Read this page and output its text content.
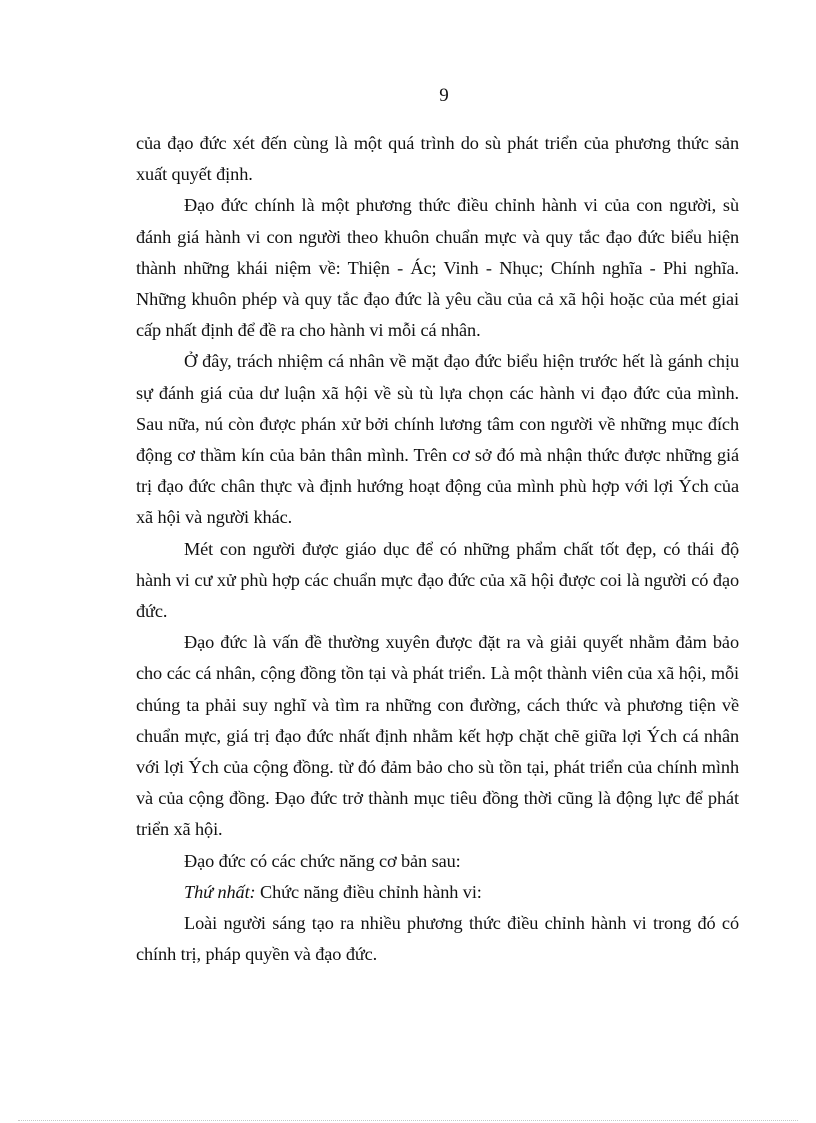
9

của đạo đức xét đến cùng là một quá trình do sù phát triển của phương thức sản xuất quyết định.

Đạo đức chính là một phương thức điều chỉnh hành vi của con người, sù đánh giá hành vi con người theo khuôn chuẩn mực và quy tắc đạo đức biểu hiện thành những khái niệm về: Thiện - Ác; Vinh - Nhục; Chính nghĩa - Phi nghĩa. Những khuôn phép và quy tắc đạo đức là yêu cầu của cả xã hội hoặc của mét giai cấp nhất định để đề ra cho hành vi mỗi cá nhân.

Ở đây, trách nhiệm cá nhân về mặt đạo đức biểu hiện trước hết là gánh chịu sự đánh giá của dư luận xã hội về sù tù lựa chọn các hành vi đạo đức của mình. Sau nữa, nú còn được phán xử bởi chính lương tâm con người về những mục đích động cơ thầm kín của bản thân mình. Trên cơ sở đó mà nhận thức được những giá trị đạo đức chân thực và định hướng hoạt động của mình phù hợp với lợi Ých của xã hội và người khác.

Mét con người được giáo dục để có những phẩm chất tốt đẹp, có thái độ hành vi cư xử phù hợp các chuẩn mực đạo đức của xã hội được coi là người có đạo đức.

Đạo đức là vấn đề thường xuyên được đặt ra và giải quyết nhằm đảm bảo cho các cá nhân, cộng đồng tồn tại và phát triển. Là một thành viên của xã hội, mỗi chúng ta phải suy nghĩ và tìm ra những con đường, cách thức và phương tiện về chuẩn mực, giá trị đạo đức nhất định nhằm kết hợp chặt chẽ giữa lợi Ých cá nhân với lợi Ých của cộng đồng. từ đó đảm bảo cho sù tồn tại, phát triển của chính mình và của cộng đồng. Đạo đức trở thành mục tiêu đồng thời cũng là động lực để phát triển xã hội.

Đạo đức có các chức năng cơ bản sau:

Thứ nhất: Chức năng điều chỉnh hành vi:

Loài người sáng tạo ra nhiều phương thức điều chỉnh hành vi trong đó có chính trị, pháp quyền và đạo đức.
